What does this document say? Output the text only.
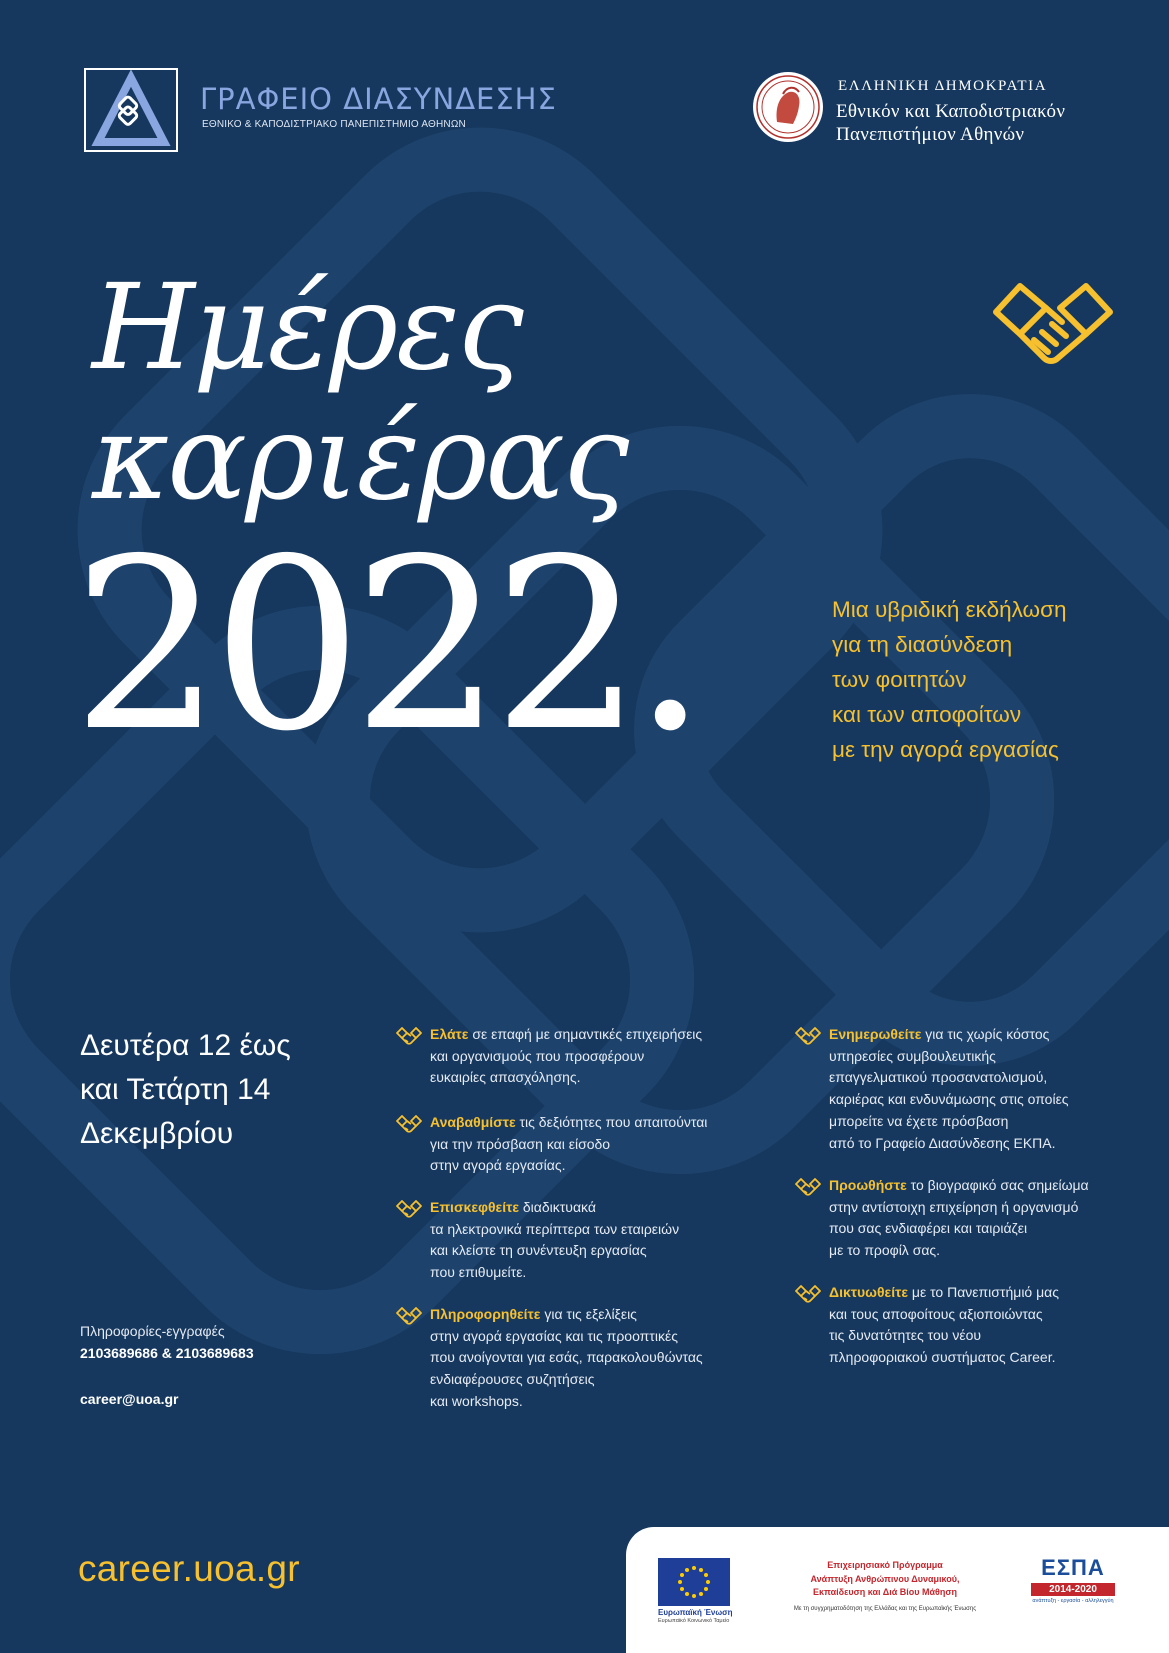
ΓΡΑΦΕΙΟ ΔΙΑΣΥΝΔΕΣΗΣ
ΕΘΝΙΚΟ & ΚΑΠΟΔΙΣΤΡΙΑΚΟ ΠΑΝΕΠΙΣΤΗΜΙΟ ΑΘΗΝΩΝ
ΕΛΛΗΝΙΚΗ ΔΗΜΟΚΡΑΤΙΑ
Εθνικόν και Καποδιστριακόν
Πανεπιστήμιον Αθηνών
Ημέρες
καριέρας
2022.	Μια υβριδική εκδήλωση
για τη διασύνδεση
των φοιτητών
και των αποφοίτων
με την αγορά εργασίας
Δευτέρα 12 έως
και Τετάρτη 14
Δεκεμβρίου
Ελάτε σε επαφή με σημαντικές επιχειρήσεις
και οργανισμούς που προσφέρουν
ευκαιρίες απασχόλησης.
Αναβαθμίστε τις δεξιότητες που απαιτούνται
για την πρόσβαση και είσοδο
στην αγορά εργασίας.
Επισκεφθείτε διαδικτυακά
τα ηλεκτρονικά περίπτερα των εταιρειών
και κλείστε τη συνέντευξη εργασίας
που επιθυμείτε.
Πληροφορηθείτε για τις εξελίξεις
στην αγορά εργασίας και τις προοπτικές
που ανοίγονται για εσάς, παρακολουθώντας
ενδιαφέρουσες συζητήσεις
και workshops.
Ενημερωθείτε για τις χωρίς κόστος
υπηρεσίες συμβουλευτικής
επαγγελματικού προσανατολισμού,
καριέρας και ενδυνάμωσης στις οποίες
μπορείτε να έχετε πρόσβαση
από το Γραφείο Διασύνδεσης ΕΚΠΑ.
Προωθήστε το βιογραφικό σας σημείωμα
στην αντίστοιχη επιχείρηση ή οργανισμό
που σας ενδιαφέρει και ταιριάζει
με το προφίλ σας.
Δικτυωθείτε με το Πανεπιστήμιό μας
και τους αποφοίτους αξιοποιώντας
τις δυνατότητες του νέου
πληροφοριακού συστήματος Career.
Πληροφορίες-εγγραφές
2103689686 & 2103689683
career@uoa.gr
career.uoa.gr
Ευρωπαϊκή Ένωση
Ευρωπαϊκό Κοινωνικό Ταμείο
Επιχειρησιακό Πρόγραμμα
Ανάπτυξη Ανθρώπινου Δυναμικού,
Εκπαίδευση και Διά Βίου Μάθηση
Με τη συγχρηματοδότηση της Ελλάδας και της Ευρωπαϊκής Ένωσης
ΕΣΠΑ
2014-2020
ανάπτυξη - εργασία - αλληλεγγύη
